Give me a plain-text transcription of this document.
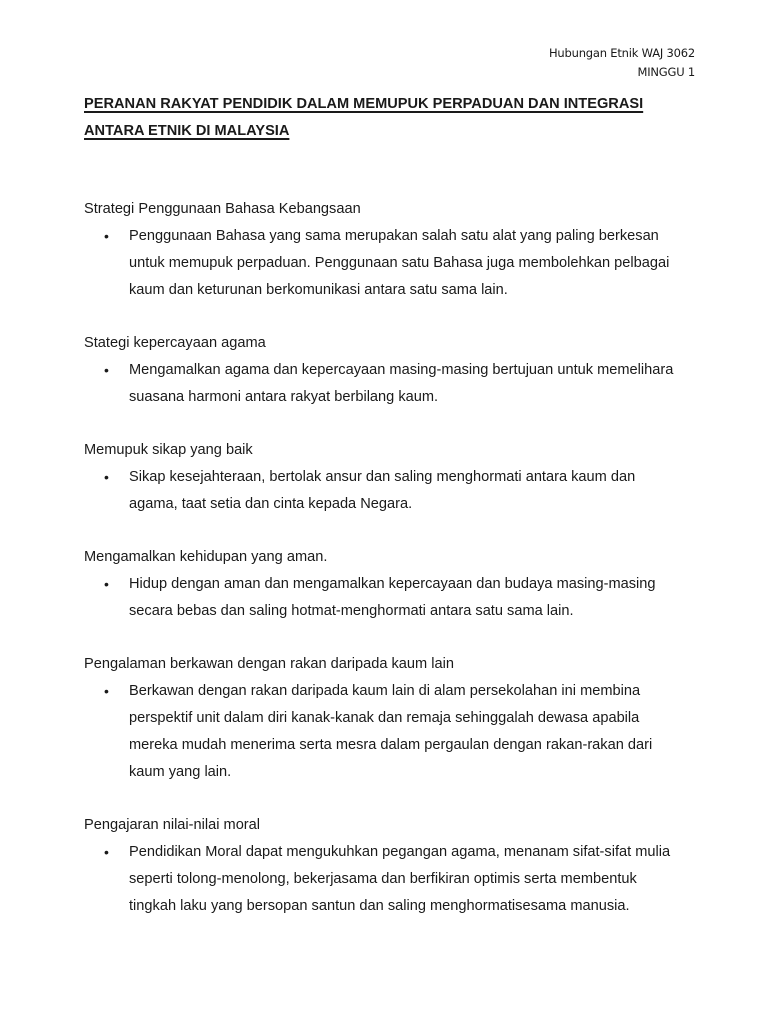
Hubungan Etnik WAJ 3062
MINGGU 1
PERANAN RAKYAT PENDIDIK DALAM MEMUPUK PERPADUAN DAN INTEGRASI
ANTARA ETNIK DI MALAYSIA
Strategi Penggunaan Bahasa Kebangsaan
•	Penggunaan Bahasa yang sama merupakan salah satu alat yang paling berkesan
untuk memupuk perpaduan. Penggunaan satu Bahasa juga membolehkan pelbagai
kaum dan keturunan berkomunikasi antara satu sama lain.
Stategi kepercayaan agama
•	Mengamalkan agama dan kepercayaan masing-masing bertujuan untuk memelihara
suasana harmoni antara rakyat berbilang kaum.
Memupuk sikap yang baik
•	Sikap kesejahteraan, bertolak ansur dan saling menghormati antara kaum dan
agama, taat setia dan cinta kepada Negara.
Mengamalkan kehidupan yang aman.
•	Hidup dengan aman dan mengamalkan kepercayaan dan budaya masing-masing
secara bebas dan saling hotmat-menghormati antara satu sama lain.
Pengalaman berkawan dengan rakan daripada kaum lain
•	Berkawan dengan rakan daripada kaum lain di alam persekolahan ini membina
perspektif unit dalam diri kanak-kanak dan remaja sehinggalah dewasa apabila
mereka mudah menerima serta mesra dalam pergaulan dengan rakan-rakan dari
kaum yang lain.
Pengajaran nilai-nilai moral
•	Pendidikan Moral dapat mengukuhkan pegangan agama, menanam sifat-sifat mulia
seperti tolong-menolong, bekerjasama dan berfikiran optimis serta membentuk
tingkah laku yang bersopan santun dan saling menghormatisesama manusia.
